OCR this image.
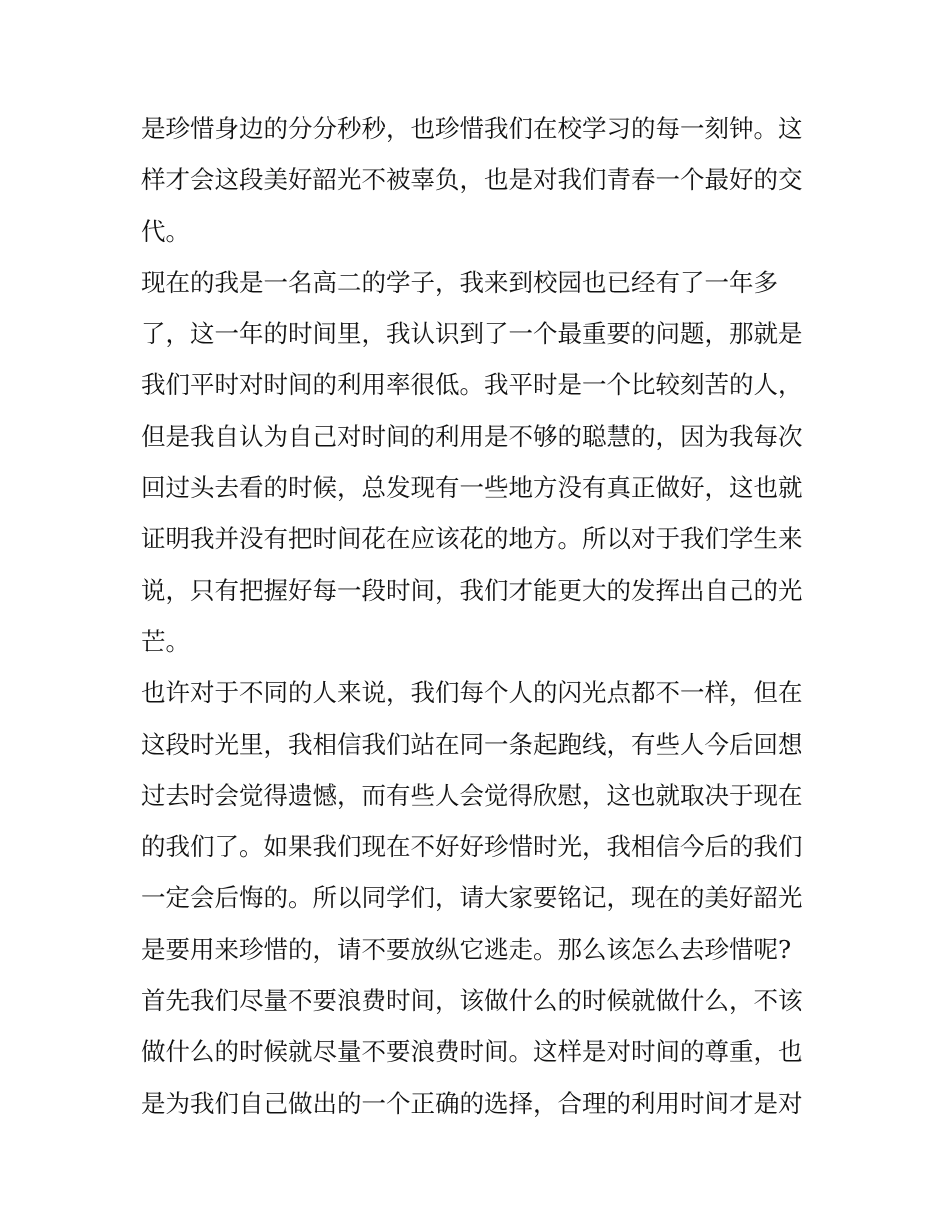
是珍惜身边的分分秒秒，也珍惜我们在校学习的每一刻钟。这
样才会这段美好韶光不被辜负，也是对我们青春一个最好的交
代。
现在的我是一名高二的学子，我来到校园也已经有了一年多
了，这一年的时间里，我认识到了一个最重要的问题，那就是
我们平时对时间的利用率很低。我平时是一个比较刻苦的人，
但是我自认为自己对时间的利用是不够的聪慧的，因为我每次
回过头去看的时候，总发现有一些地方没有真正做好，这也就
证明我并没有把时间花在应该花的地方。所以对于我们学生来
说，只有把握好每一段时间，我们才能更大的发挥出自己的光
芒。
也许对于不同的人来说，我们每个人的闪光点都不一样，但在
这段时光里，我相信我们站在同一条起跑线，有些人今后回想
过去时会觉得遗憾，而有些人会觉得欣慰，这也就取决于现在
的我们了。如果我们现在不好好珍惜时光，我相信今后的我们
一定会后悔的。所以同学们，请大家要铭记，现在的美好韶光
是要用来珍惜的，请不要放纵它逃走。那么该怎么去珍惜呢?
首先我们尽量不要浪费时间，该做什么的时候就做什么，不该
做什么的时候就尽量不要浪费时间。这样是对时间的尊重，也
是为我们自己做出的一个正确的选择，合理的利用时间才是对
